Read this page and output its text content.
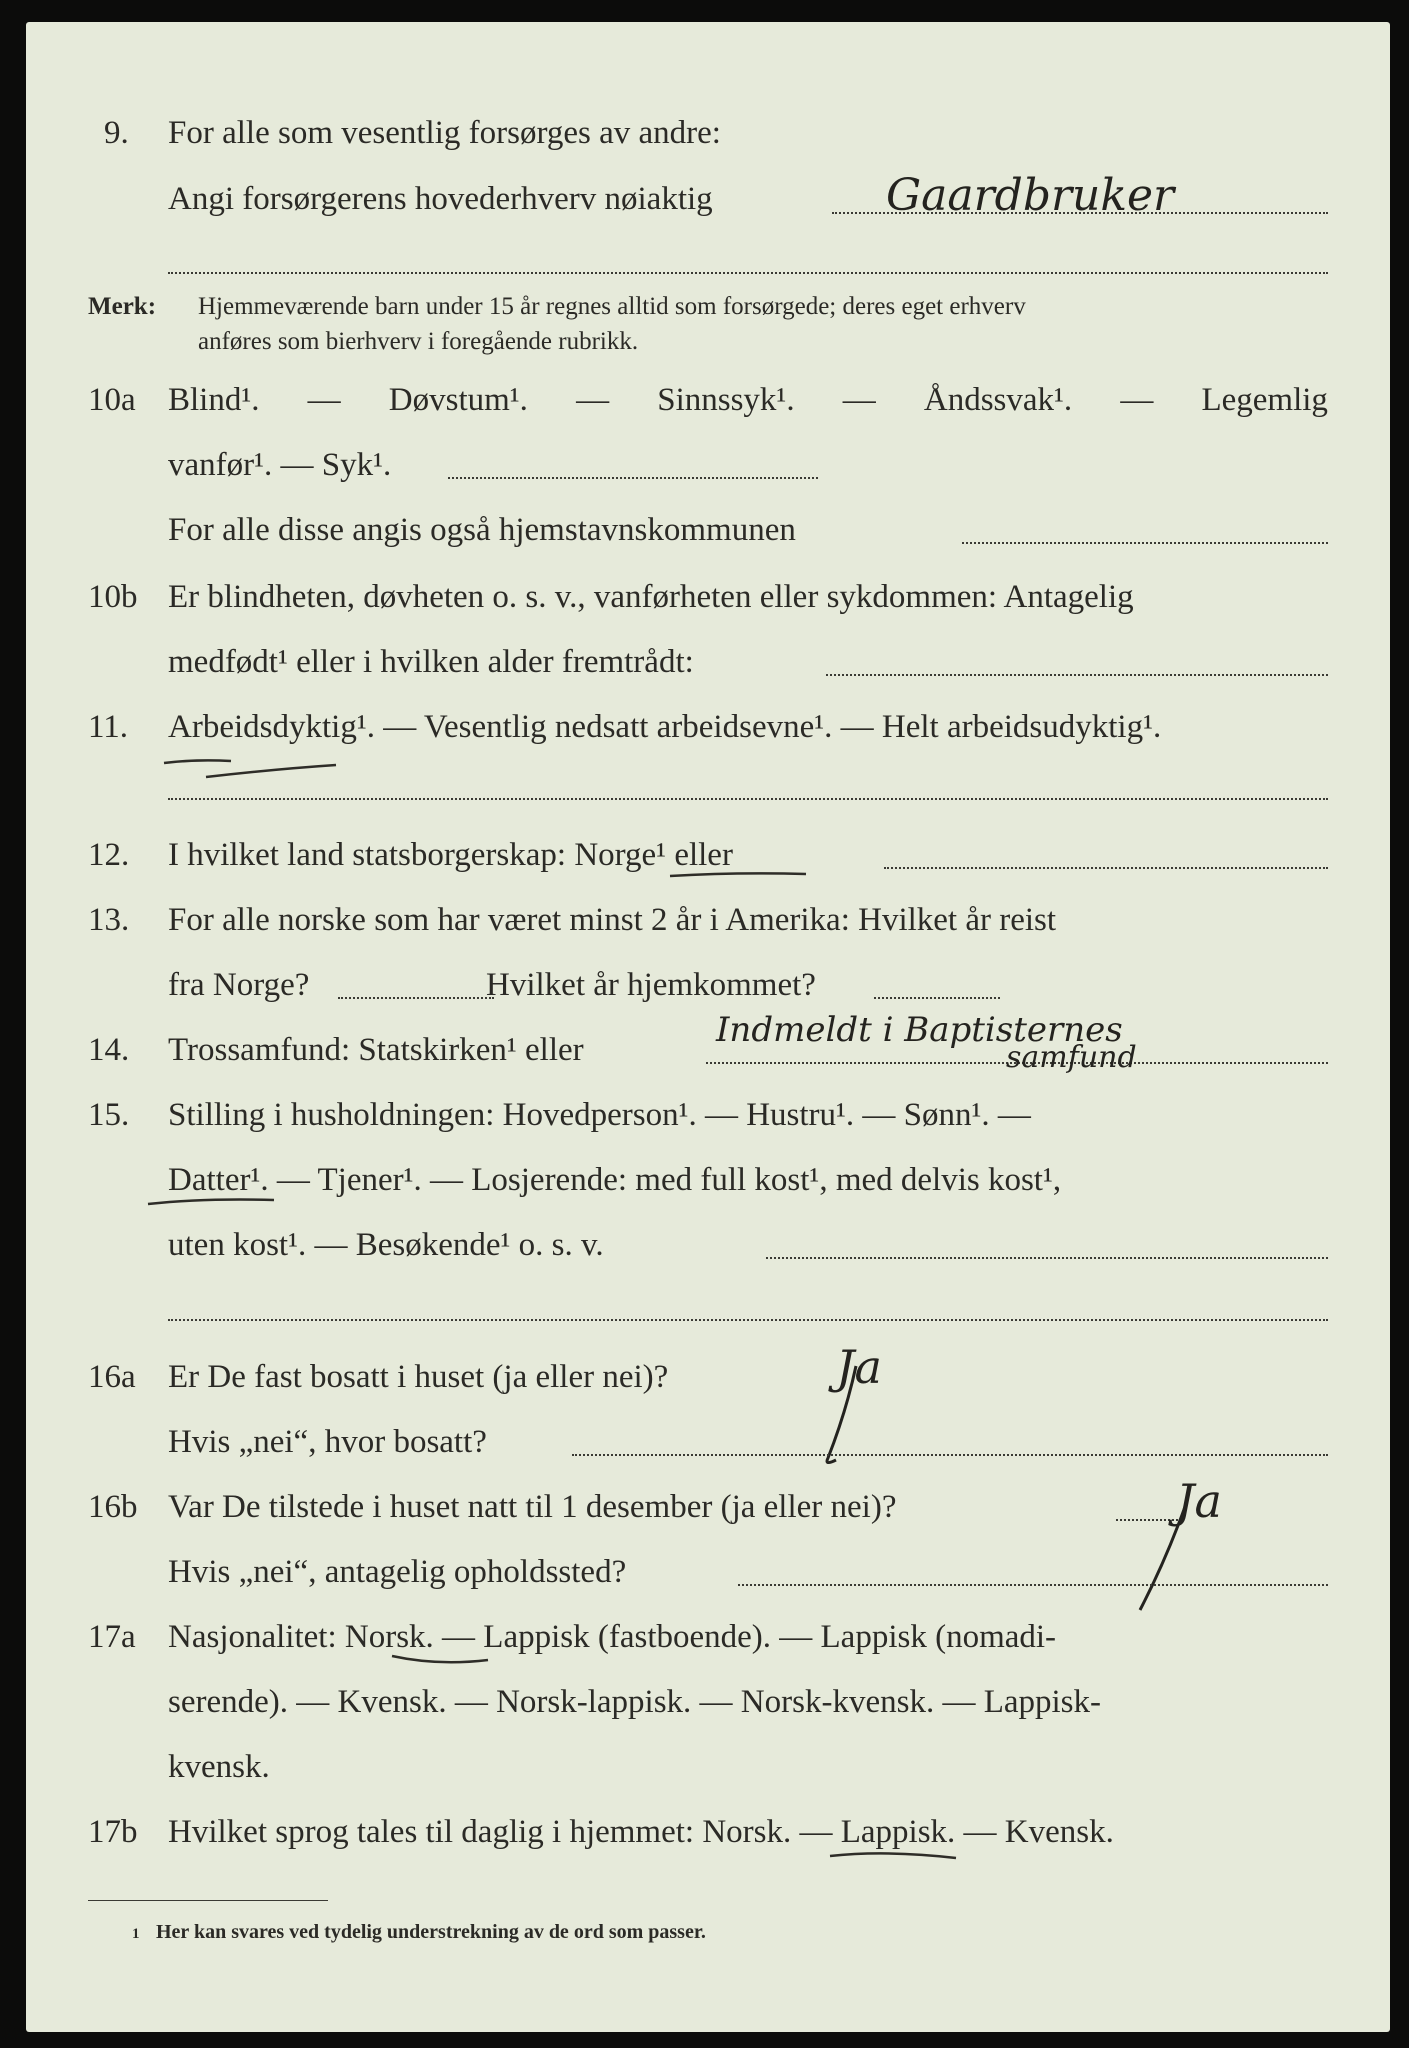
9. For alle som vesentlig forsørges av andre:
Angi forsørgerens hovederhverv nøiaktig	Gaardbruker
Merk: Hjemmeværende barn under 15 år regnes alltid som forsørgede; deres eget erhverv
anføres som bierhverv i foregående rubrikk.
10a Blind¹. — Døvstum¹. — Sinnssyk¹. — Åndssvak¹. — Legemlig
vanfør¹. — Syk¹.
For alle disse angis også hjemstavnskommunen
10b Er blindheten, døvheten o. s. v., vanførheten eller sykdommen: Antagelig
medfødt¹ eller i hvilken alder fremtrådt:
11. Arbeidsdyktig¹. — Vesentlig nedsatt arbeidsevne¹. — Helt arbeidsudyktig¹.
12. I hvilket land statsborgerskap: Norge¹ eller
13. For alle norske som har været minst 2 år i Amerika: Hvilket år reist
fra Norge?	Hvilket år hjemkommet?
14. Trossamfund: Statskirken¹ eller	Indmeldt i Baptisternes
samfund
15. Stilling i husholdningen: Hovedperson¹. — Hustru¹. — Sønn¹. —
Datter¹. — Tjener¹. — Losjerende: med full kost¹, med delvis kost¹,
uten kost¹. — Besøkende¹ o. s. v.
16a Er De fast bosatt i huset (ja eller nei)?	Ja
Hvis „nei“, hvor bosatt?
16b Var De tilstede i huset natt til 1 desember (ja eller nei)?	Ja
Hvis „nei“, antagelig opholdssted?
17a Nasjonalitet: Norsk. — Lappisk (fastboende). — Lappisk (nomadi-
serende). — Kvensk. — Norsk-lappisk. — Norsk-kvensk. — Lappisk-
kvensk.
17b Hvilket sprog tales til daglig i hjemmet: Norsk. — Lappisk. — Kvensk.
1 Her kan svares ved tydelig understrekning av de ord som passer.
